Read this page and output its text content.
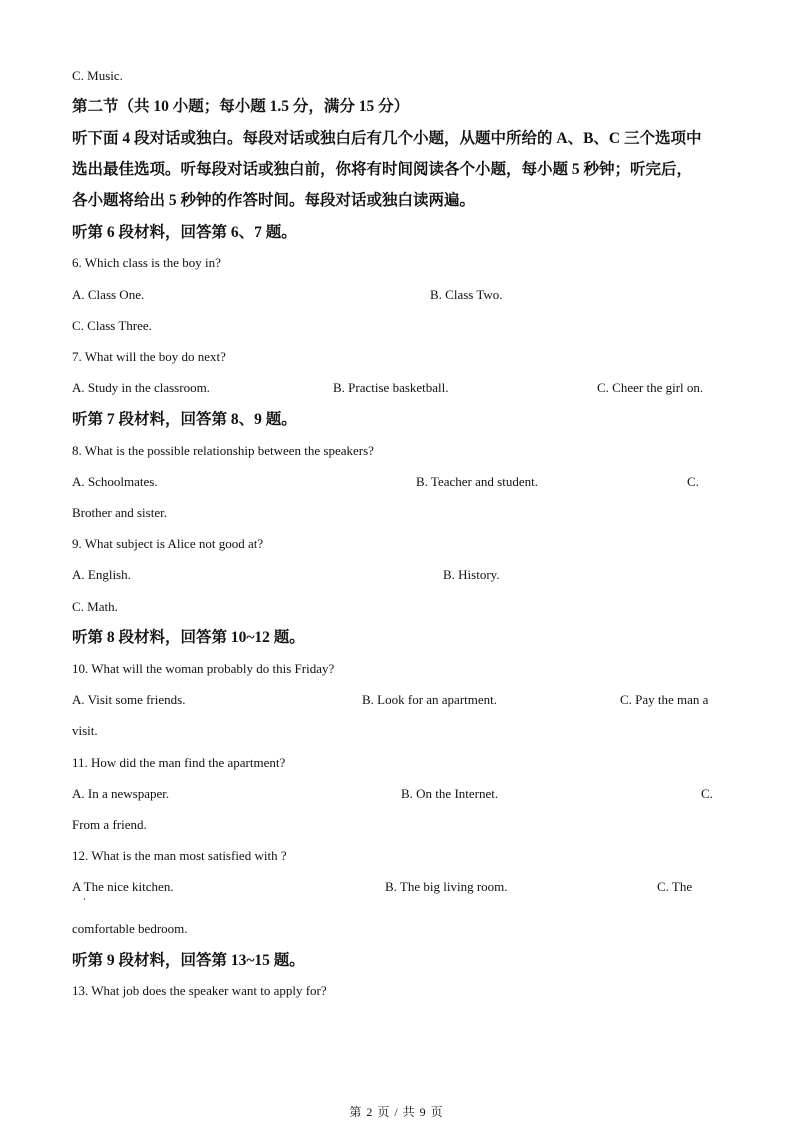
C. Music.
第二节（共 10 小题；每小题 1.5 分，满分 15 分）
听下面 4 段对话或独白。每段对话或独白后有几个小题，从题中所给的 A、B、C 三个选项中
选出最佳选项。听每段对话或独白前，你将有时间阅读各个小题，每小题 5 秒钟；听完后，
各小题将给出 5 秒钟的作答时间。每段对话或独白读两遍。
听第 6 段材料，回答第 6、7 题。
6. Which class is the boy in?
A. Class One.	B. Class Two.
C. Class Three.
7. What will the boy do next?
A. Study in the classroom.	B. Practise basketball.	C. Cheer the girl on.
听第 7 段材料，回答第 8、9 题。
8. What is the possible relationship between the speakers?
A. Schoolmates.	B. Teacher and student.	C.
Brother and sister.
9. What subject is Alice not good at?
A. English.	B. History.
C. Math.
听第 8 段材料，回答第 10~12 题。
10. What will the woman probably do this Friday?
A. Visit some friends.	B. Look for an apartment.	C. Pay the man a
visit.
11. How did the man find the apartment?
A. In a newspaper.	B. On the Internet.	C.
From a friend.
12. What is the man most satisfied with ?
A The nice kitchen.	B. The big living room.	C. The
comfortable bedroom.
听第 9 段材料，回答第 13~15 题。
13. What job does the speaker want to apply for?
第 2 页 / 共 9 页
